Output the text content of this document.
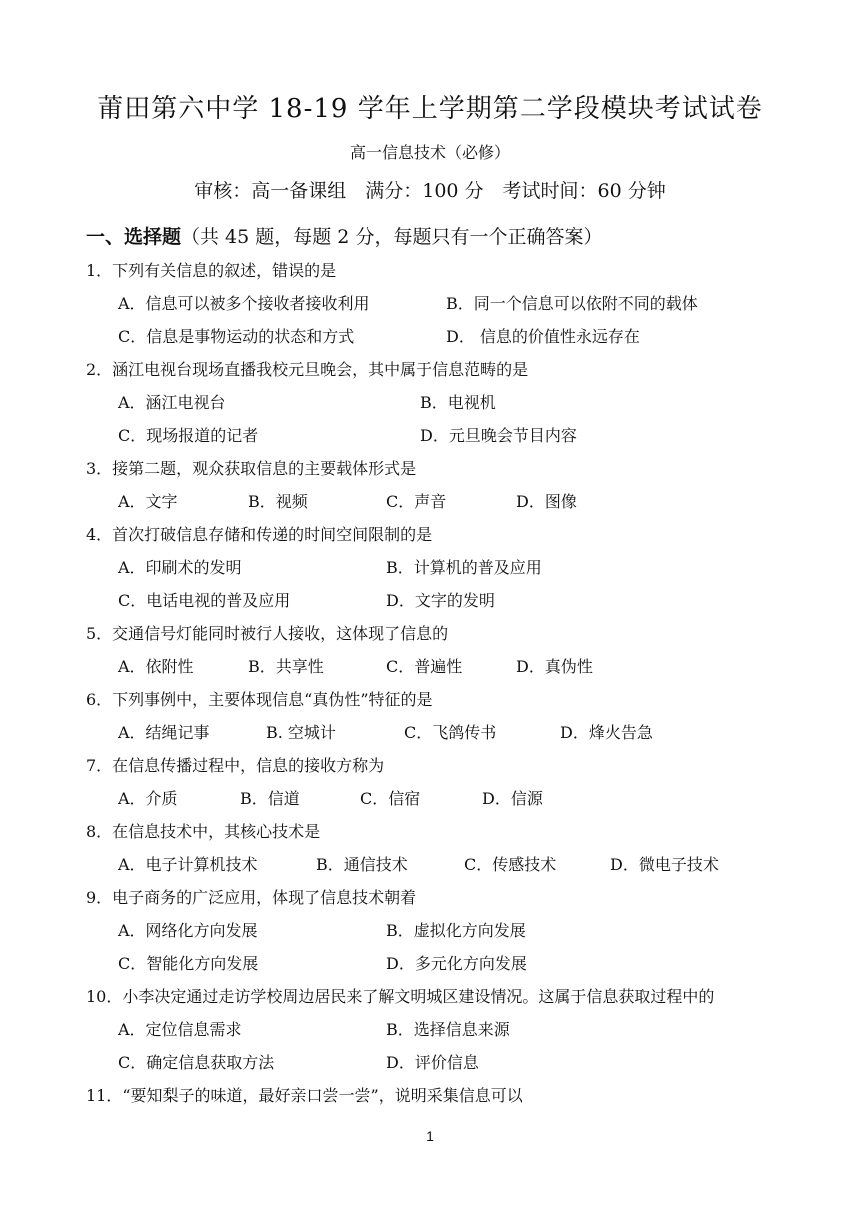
莆田第六中学 18-19 学年上学期第二学段模块考试试卷
高一信息技术（必修）
审核：高一备课组　满分：100 分　考试时间：60 分钟
一、选择题（共 45 题，每题 2 分，每题只有一个正确答案）
1．下列有关信息的叙述，错误的是
A．信息可以被多个接收者接收利用	B．同一个信息可以依附不同的载体
C．信息是事物运动的状态和方式	D． 信息的价值性永远存在
2．涵江电视台现场直播我校元旦晚会，其中属于信息范畴的是
A．涵江电视台	B．电视机
C．现场报道的记者	D．元旦晚会节目内容
3．接第二题，观众获取信息的主要载体形式是
A．文字	B．视频	C．声音	D．图像
4．首次打破信息存储和传递的时间空间限制的是
A．印刷术的发明	B．计算机的普及应用
C．电话电视的普及应用	D．文字的发明
5．交通信号灯能同时被行人接收，这体现了信息的
A．依附性	B．共享性	C．普遍性	D．真伪性
6．下列事例中，主要体现信息“真伪性”特征的是
A．结绳记事	B. 空城计	C．飞鸽传书	D．烽火告急
7．在信息传播过程中，信息的接收方称为
A．介质	B．信道	C．信宿	D．信源
8．在信息技术中，其核心技术是
A．电子计算机技术	B．通信技术	C．传感技术	D．微电子技术
9．电子商务的广泛应用，体现了信息技术朝着
A．网络化方向发展	B．虚拟化方向发展
C．智能化方向发展	D．多元化方向发展
10．小李决定通过走访学校周边居民来了解文明城区建设情况。这属于信息获取过程中的
A．定位信息需求	B．选择信息来源
C．确定信息获取方法	D．评价信息
11．“要知梨子的味道，最好亲口尝一尝”，说明采集信息可以
1
